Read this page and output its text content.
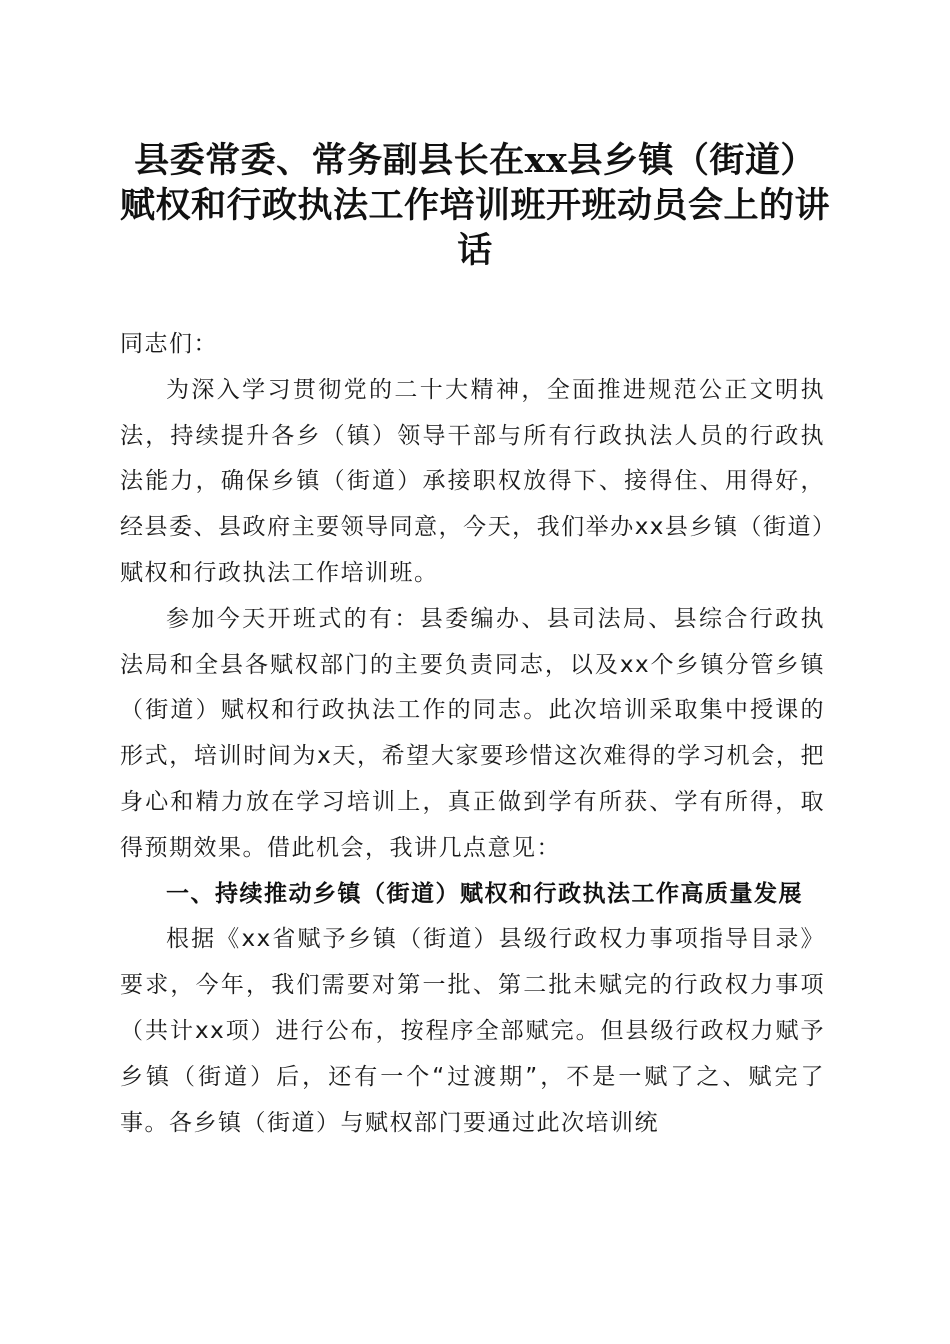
县委常委、常务副县长在xx县乡镇（街道）
赋权和行政执法工作培训班开班动员会上的讲
话

同志们：

为深入学习贯彻党的二十大精神，全面推进规范公正文明执法，持续提升各乡（镇）领导干部与所有行政执法人员的行政执法能力，确保乡镇（街道）承接职权放得下、接得住、用得好，经县委、县政府主要领导同意，今天，我们举办xx县乡镇（街道）赋权和行政执法工作培训班。

参加今天开班式的有：县委编办、县司法局、县综合行政执法局和全县各赋权部门的主要负责同志，以及xx个乡镇分管乡镇（街道）赋权和行政执法工作的同志。此次培训采取集中授课的形式，培训时间为x天，希望大家要珍惜这次难得的学习机会，把身心和精力放在学习培训上，真正做到学有所获、学有所得，取得预期效果。借此机会，我讲几点意见：

一、持续推动乡镇（街道）赋权和行政执法工作高质量发展

根据《xx省赋予乡镇（街道）县级行政权力事项指导目录》要求，今年，我们需要对第一批、第二批未赋完的行政权力事项（共计xx项）进行公布，按程序全部赋完。但县级行政权力赋予乡镇（街道）后，还有一个“过渡期”，不是一赋了之、赋完了事。各乡镇（街道）与赋权部门要通过此次培训统
